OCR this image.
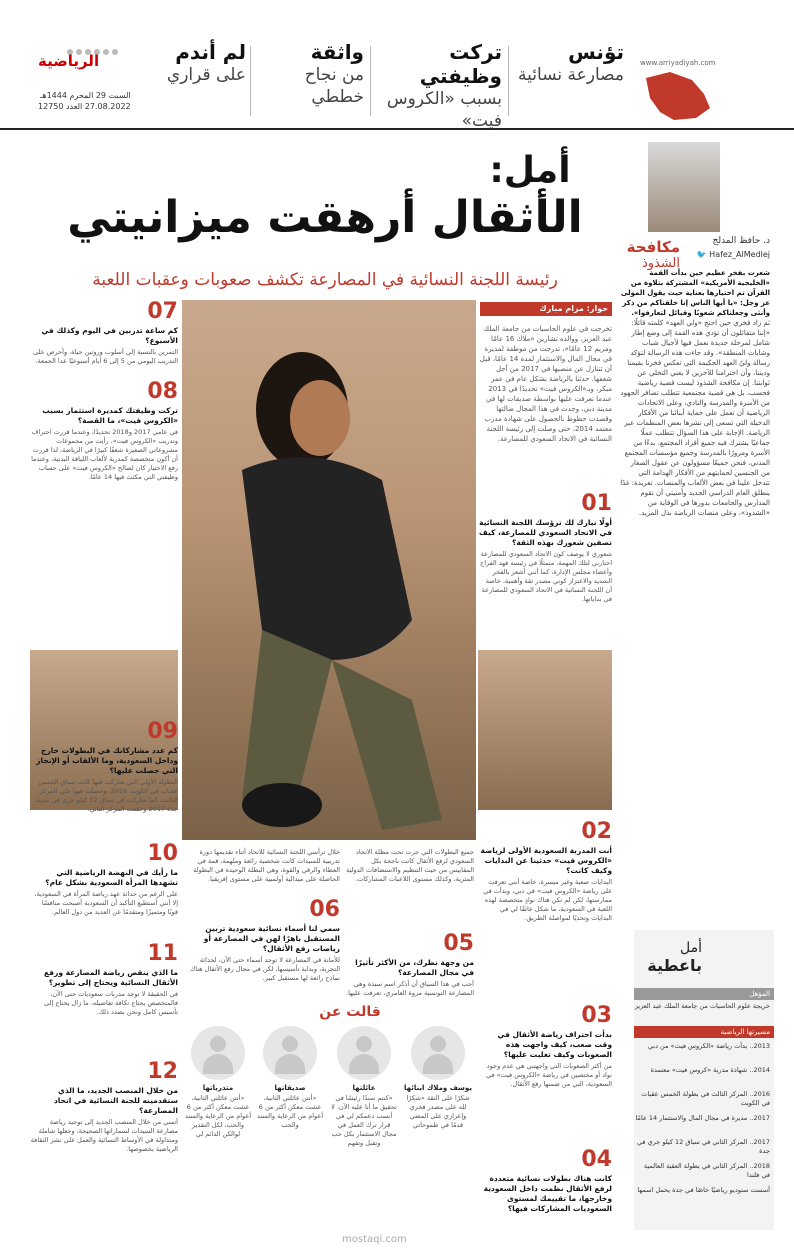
الرياضية
السبت 29 المحرم 1444هـ
27.08.2022 العدد 12750
لم أندم
على قراري
واثقة
من نجاح خططي
تركت وظيفتي
بسبب «الكروس فيت»
تؤنس
مصارعة نسائية
www.arriyadiyah.com
أمل:
الأثقال أرهقت ميزانيتي
رئيسة اللجنة النسائية في المصارعة تكشف صعوبات وعقبات اللعبة
حوار: مرام مبارك
تخرجت في علوم الحاسبات من جامعة الملك عبد العزيز، ووالده تشارين «ملاك 16 عامًا ومريم 12 عامًا»، تدرجت من موظفة لمديرة في مجال المال والاستثمار لمدة 14 عامًا، قبل أن تتنازل عن منصبها في 2017 من أجل شغفها. حدثنا بالرياضة بشكل عام في عمر مبكر، وبـ«الكروس فيت» تحديدًا في 2013 عندما تعرفت عليها بواسطة صديقات لها في مدينة دبي، وجدت في هذا المجال ضالتها وقصدت حظوظ بالحصول على شهادة مدرب معتمد 2014، حتى وصلت إلى رئيسة اللجنة النسائية في الاتحاد السعودي للمصارعة.
01
أولًا نبارك لك ترؤسك اللجنة النسائية في الاتحاد السعودي للمصارعة، كيف تصفين شعورك بهذه الثقة؟
شعوري لا يوصف كون الاتحاد السعودي للمصارعة اختارني لتلك المهمة، متمثلًا في رئيسه فهد الفراج وأعضاء مجلس الإدارة، كما أنني أشعر بالفخر الشديد والاعتزاز كوني مصدر ثقة وأهمية، خاصة أن اللجنة النسائية في الاتحاد السعودي للمصارعة في بداياتها.
02
أنت المدربة السعودية الأولى لرياضة «الكروس فيت» حدثينا عن البدايات وكيف كانت؟
البدايات صعبة وغير ميسرة، خاصة أنني تعرفت على رياضة «الكروس فيت» في دبي، وبدأت في ممارستها، لكن لم تكن هناك نوادٍ متخصصة لهذه اللعبة في السعودية، ما شكل عائقًا لي في البدايات وتحديًا لمواصلة الطريق.
03
بدأت احتراف رياضة الأثقال في وقت صعب، كيف واجهت هذه الصعوبات وكيف تغلبت عليها؟
من أكثر الصعوبات التي واجهتني هي عدم وجود نواد أو مختصين في رياضة «الكروس فيت» في السعودية، التي من ضمنها رفع الأثقال.
04
كانت هناك بطولات نسائية متعددة لرفع الأثقال نظمت داخل السعودية وخارجها، ما تقييمك لمستوى السعوديات المشاركات فيها؟
جميع البطولات التي جرت تحت مظلة الاتحاد السعودي لرفع الأثقال كانت ناجحة بكل المقاييس من حيث التنظيم والاستضافات الدولية المثرية، وكذلك مستوى اللاعبات المشاركات.
خلال ترأسي اللجنة النسائية للاتحاد أثناء تقديمها دورة تدريبية للسيدات كانت شخصية رائعة وملهمة، قمة في العطاء والرقي والقوة، وهي البطلة الوحيدة في البطولة الحاصلة على ميدالية أولمبية على مستوى إفريقيا.
06
سمي لنا أسماء نسائية سعودية تربين المستقبل باهرًا لهن في المصارعة أو رياضات رفع الأثقال؟
للأمانة في المصارعة لا توجد أسماء حتى الآن، لحداثة التجربة، وبداية تأسيسها، لكن في مجال رفع الأثقال هناك نماذج رائعة لها مستقبل كبير.
05
من وجهة نظرك، من الأكثر تأثيرًا في مجال المصارعة؟
أحب في هذا السياق أن أذكر اسم سيدة وهي المصارعة التونسية مروة العامري، تعرفت عليها.
07
كم ساعة تدربين في اليوم وكذلك في الأسبوع؟
التمرين بالنسبة إلي أسلوب وروتين حياة، وأحرص على التدريب اليومي من 5 إلى 6 أيام أسبوعيًا عدا الجمعة.
08
تركت وظيفتك كمديرة استثمار بسبب «الكروس فيت»، ما القصة؟
في عامي 2017 و2018 تحديدًا، وعندما قررت احتراف وتدريب «الكروس فيت»، رأيت من مجموعات مشروعاتي الصغيرة شغفًا كبيرًا في الرياضة، لذا قررت أن أكون متخصصة كمدربة لألعاب اللياقة البدنية، وعندما رفع الاختيار كان لصالح «الكروس فيت» على حساب وظيفتي التي مكثت فيها 14 عامًا.
09
كم عدد مشاركاتك في البطولات خارج وداخل السعودية، وما الألقاب أو الإنجاز التي حصلت عليها؟
البطولة الأولى التي شاركت فيها كانت سباق الخمس عقبات في الكويت 2016، وحصلت فيها على المركز الثالث، كما شاركت في سباق 12 كيلو جري في مدينة جدة 2017 وحققت المركز الثاني.
10
ما رأيك في النهضة الرياضية التي تشهدها المرأة السعودية بشكل عام؟
على الرغم من حداثة عهد رياضة المرأة في السعودية، إلا أنني أستطيع التأكيد أن السعودية أصبحت منافسًا قويًا ومتميزًا ومتقدمًا عن العديد من دول العالم.
11
ما الذي ينقص رياضة المصارعة ورفع الأثقال النسائية ويحتاج إلى تطوير؟
في الحقيقة لا توجد مدربات سعوديات حتى الآن، فالمتخصص يحتاج تكافة تفاصيله، ما زال يحتاج إلى تأسيس كامل ونحن بصدد ذلك.
12
من خلال المنصب الجديد، ما الذي ستقدمينه للجنة النسائية في اتحاد المصارعة؟
أتمنى من خلال المنصب الجديد إلى توحيد رياضة مصارعة السيدات لسماراتها الصحيحة، وجعلها شاملة ومتداولة في الأوساط النسائية والعمل على نشر الثقافة الرياضية بخصوصها.
قالت عن
يوسف وملاك ابنائها
شكرًا على الثقة «شكرًا لله على مصدر فخري وإعزازي على المضي قدمًا في طموحاتي
عائلتها
«كنتم سندًا رئيسًا في تحقيق ما أنا عليه الآن، لا أنسب دعمكم لي في قرار ترك العمل في مجال الاستثمار بكل حب وتقبل وتفهم
صديقاتها
«أنتن عائلتي الثانية، عشت معكن أكثر من 6 أعوام من الرعاية والسند والحب
متدرباتها
«أنتن عائلتي الثانية، عشت معكن أكثر من 6 أعوام من الرعاية والسند والحب، لكل التقدير لوالكن الدائم لي
د. حافظ المدلج
🐦 Hafez_AlMedlej
مكافحة
الشذوذ
شعرت بفخر عظيم حين بدأت القمة «الخليجية الأمريكية» المشتركة بتلاوة من القرآن تم اختيارها بعناية حيث يقول المولى عز وجل: «يا أيها الناس إنا خلقناكم من ذكر وأنثى وجعلناكم شعوبًا وقبائل لتعارفوا».
ثم زاد فخري حين احتج «ولي العهد» كلمته قائلًا: «إننا متفائلون أن تؤدي هذه القمة إلى وضع إطار شامل لمرحلة جديدة نعمل فيها لأجيال شباب وشابات المنطقة». وقد جاءت هذه الرسالة لتؤكد رسالة وليّ العهد الحكيمة التي تعكس فخرنا بقيمنا وديننا، وأن احترامنا للآخرين لا يعني التخلي عن ثوابتنا. إن مكافحة الشذوذ ليست قضية رياضية فحسب، بل هي قضية مجتمعية تتطلب تضافر الجهود من الأسرة والمدرسة والنادي، وعلى الاتحادات الرياضية أن تعمل على حماية أبنائنا من الأفكار الدخيلة التي تسعى إلى نشرها بعض المنظمات عبر الرياضة. الإجابة على هذا السؤال تتطلب عملًا جماعيًا يشترك فيه جميع أفراد المجتمع، بدءًا من الأسرة ومرورًا بالمدرسة وجميع مؤسسات المجتمع المدني، فنحن جميعًا مسؤولون عن عقول الصغار من الجنسين لحمايتهم من الأفكار الهدامة التي تتدخل علينا في بعض الألعاب والمنصات. تغريدة: غدًا ينطلق العام الدراسي الجديد وأمنيتي أن تقوم المدارس والجامعات بدورها في الوقاية من «الشذوذ»، وعلى منصات الرياضة بذل المزيد.
أمل
باعطية
المؤهل
خريجة علوم الحاسبات من جامعة الملك عبد العزيز
مسيرتها الرياضية
2013.. بدأت رياضة «الكروس فيت» من دبي
2014.. شهادة مدربة «كروس فيت» معتمدة
2016.. المركز الثالث في بطولة الخمس عقبات في الكويت
2017.. مديرة في مجال المال والاستثمار 14 عامًا
2017.. المركز الثاني في سباق 12 كيلو جري في جدة
2018.. المركز الثاني في بطولة العقبة العالمية في فلندا
أسست ستوديو رياضيًا خاصًا في جدة يحمل اسمها
mostaqi.com
